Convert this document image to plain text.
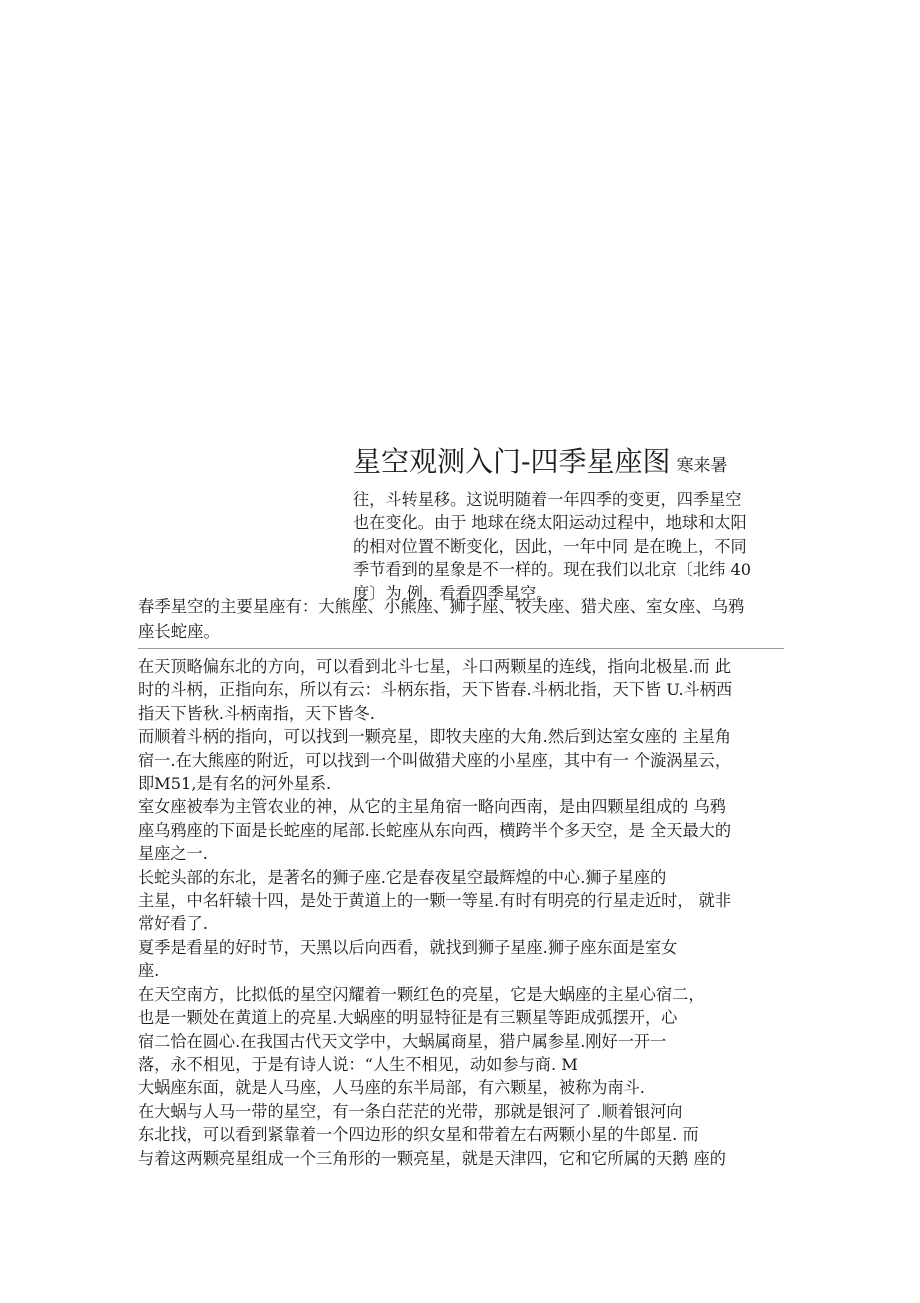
星空观测入门-四季星座图 寒来暑
往，斗转星移。这说明随着一年四季的变更，四季星空
也在变化。由于 地球在绕太阳运动过程中，地球和太阳
的相对位置不断变化，因此，一年中同 是在晚上，不同
季节看到的星象是不一样的。现在我们以北京〔北纬 40
度〕为 例，看看四季星空。
春季星空的主要星座有：大熊座、小熊座、狮子座、牧夫座、猎犬座、室女座、乌鸦座长蛇座。
在天顶略偏东北的方向，可以看到北斗七星，斗口两颗星的连线，指向北极星.而 此
时的斗柄，正指向东，所以有云：斗柄东指，天下皆春.斗柄北指，天下皆 U.斗柄西
指天下皆秋.斗柄南指，天下皆冬.
而顺着斗柄的指向，可以找到一颗亮星，即牧夫座的大角.然后到达室女座的 主星角
宿一.在大熊座的附近，可以找到一个叫做猎犬座的小星座，其中有一 个漩涡星云，
即M51,是有名的河外星系.
室女座被奉为主管农业的神，从它的主星角宿一略向西南，是由四颗星组成的 乌鸦
座乌鸦座的下面是长蛇座的尾部.长蛇座从东向西，横跨半个多天空，是 全天最大的
星座之一.
长蛇头部的东北，是著名的狮子座.它是春夜星空最辉煌的中心.狮子星座的
主星，中名轩辕十四，是处于黄道上的一颗一等星.有时有明亮的行星走近时， 就非
常好看了.
夏季是看星的好时节，天黑以后向西看，就找到狮子星座.狮子座东面是室女
座.
在天空南方，比拟低的星空闪耀着一颗红色的亮星，它是大蜗座的主星心宿二，
也是一颗处在黄道上的亮星.大蜗座的明显特征是有三颗星等距成弧摆开，心
宿二恰在圆心.在我国古代天文学中，大蜗属商星，猎户属参星.刚好一开一
落，永不相见，于是有诗人说：“人生不相见，动如参与商. M
大蜗座东面，就是人马座，人马座的东半局部，有六颗星，被称为南斗.
在大蜗与人马一带的星空，有一条白茫茫的光带，那就是银河了 .顺着银河向
东北找，可以看到紧靠着一个四边形的织女星和带着左右两颗小星的牛郎星. 而
与着这两颗亮星组成一个三角形的一颗亮星，就是天津四，它和它所属的天鹅 座的
